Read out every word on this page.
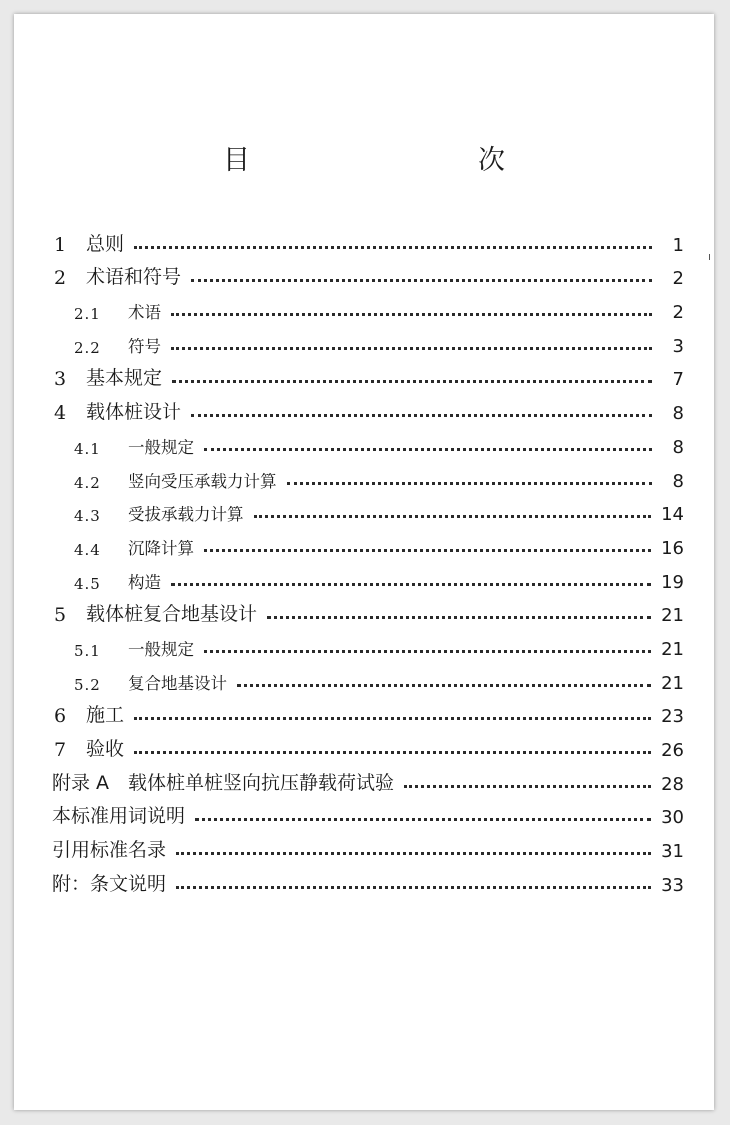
目　　次
1	总则	1
2	术语和符号	2
2.1	术语	2
2.2	符号	3
3	基本规定	7
4	载体桩设计	8
4.1	一般规定	8
4.2	竖向受压承载力计算	8
4.3	受拔承载力计算	14
4.4	沉降计算	16
4.5	构造	19
5	载体桩复合地基设计	21
5.1	一般规定	21
5.2	复合地基设计	21
6	施工	23
7	验收	26
附录 A　载体桩单桩竖向抗压静载荷试验	28
本标准用词说明	30
引用标准名录	31
附：条文说明	33
